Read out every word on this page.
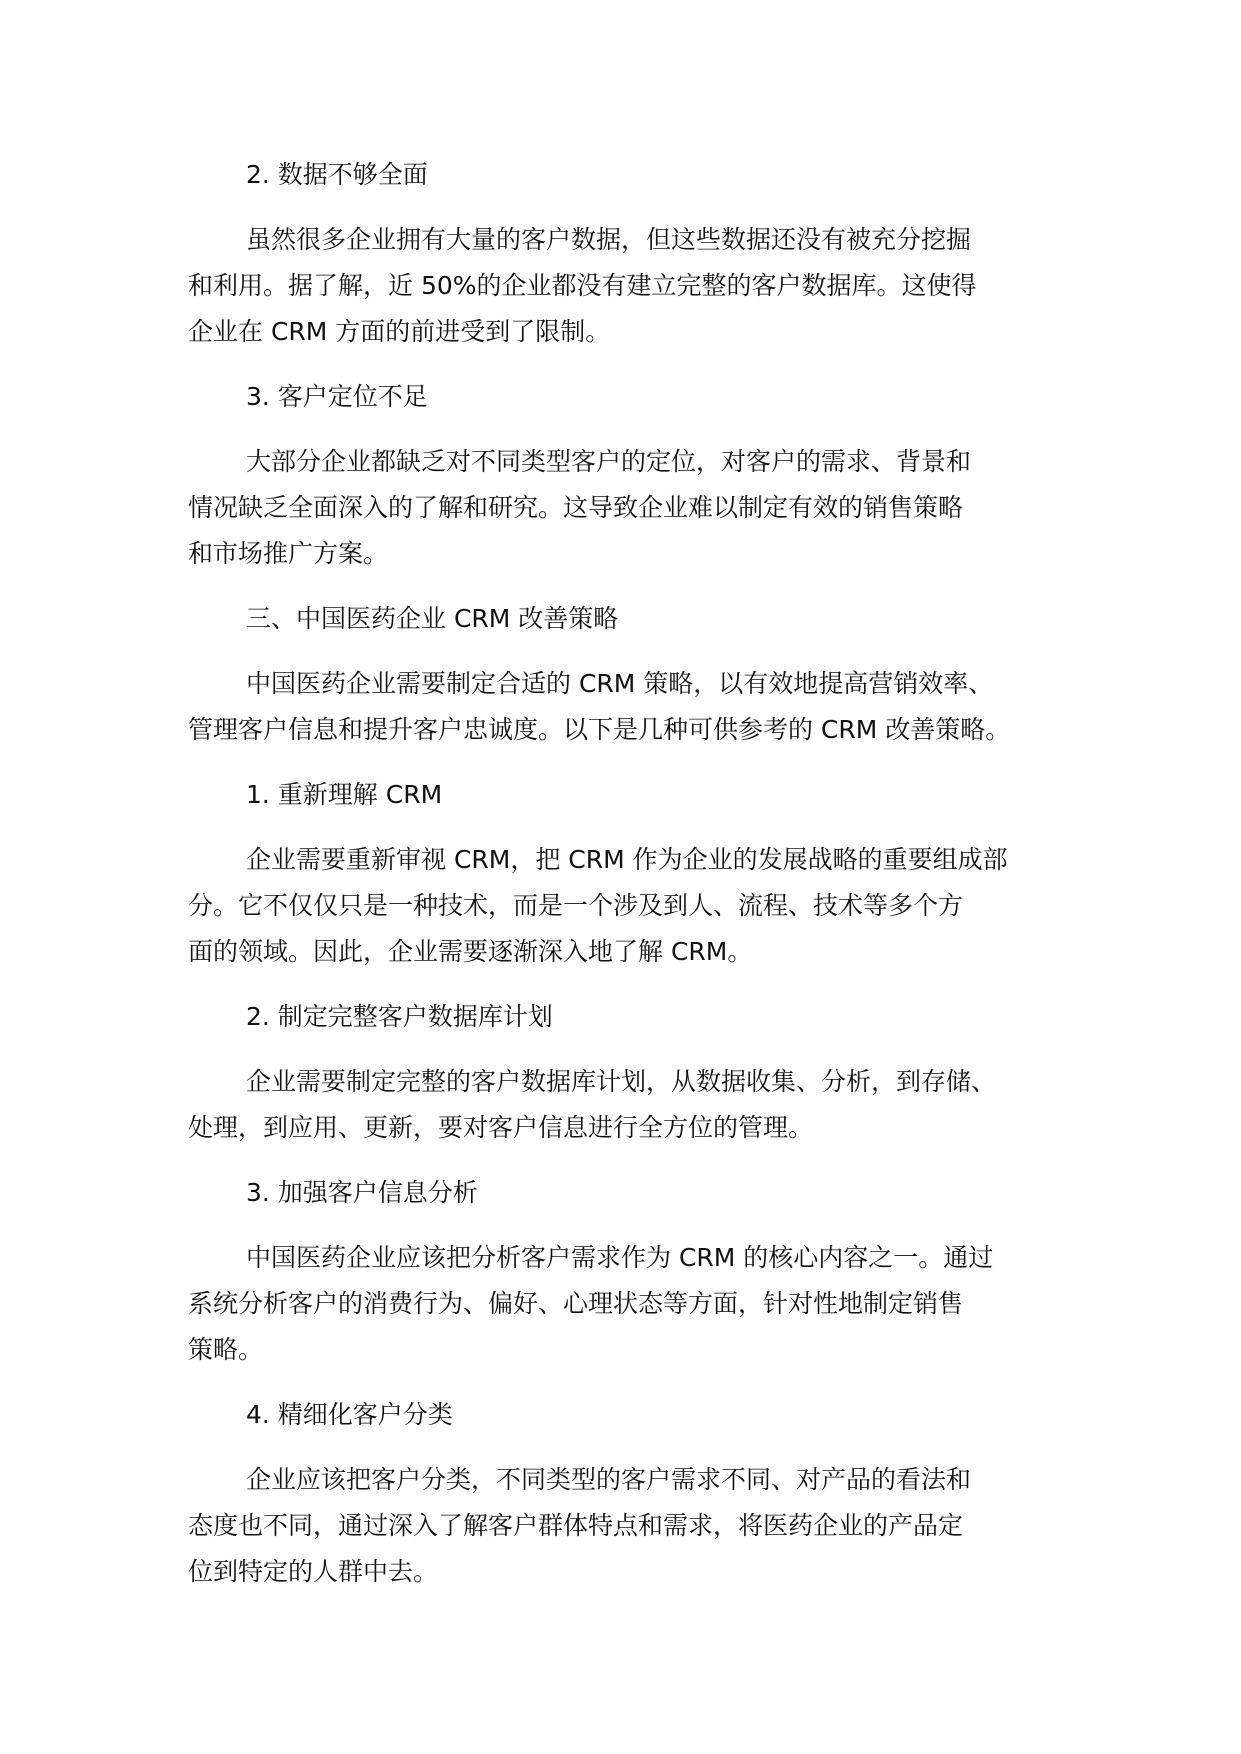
2. 数据不够全面
虽然很多企业拥有大量的客户数据，但这些数据还没有被充分挖掘
和利用。据了解，近 50%的企业都没有建立完整的客户数据库。这使得
企业在 CRM 方面的前进受到了限制。
3. 客户定位不足
大部分企业都缺乏对不同类型客户的定位，对客户的需求、背景和
情况缺乏全面深入的了解和研究。这导致企业难以制定有效的销售策略
和市场推广方案。
三、中国医药企业 CRM 改善策略
中国医药企业需要制定合适的 CRM 策略，以有效地提高营销效率、
管理客户信息和提升客户忠诚度。以下是几种可供参考的 CRM 改善策略。
1. 重新理解 CRM
企业需要重新审视 CRM，把 CRM 作为企业的发展战略的重要组成部
分。它不仅仅只是一种技术，而是一个涉及到人、流程、技术等多个方
面的领域。因此，企业需要逐渐深入地了解 CRM。
2. 制定完整客户数据库计划
企业需要制定完整的客户数据库计划，从数据收集、分析，到存储、
处理，到应用、更新，要对客户信息进行全方位的管理。
3. 加强客户信息分析
中国医药企业应该把分析客户需求作为 CRM 的核心内容之一。通过
系统分析客户的消费行为、偏好、心理状态等方面，针对性地制定销售
策略。
4. 精细化客户分类
企业应该把客户分类，不同类型的客户需求不同、对产品的看法和
态度也不同，通过深入了解客户群体特点和需求，将医药企业的产品定
位到特定的人群中去。
